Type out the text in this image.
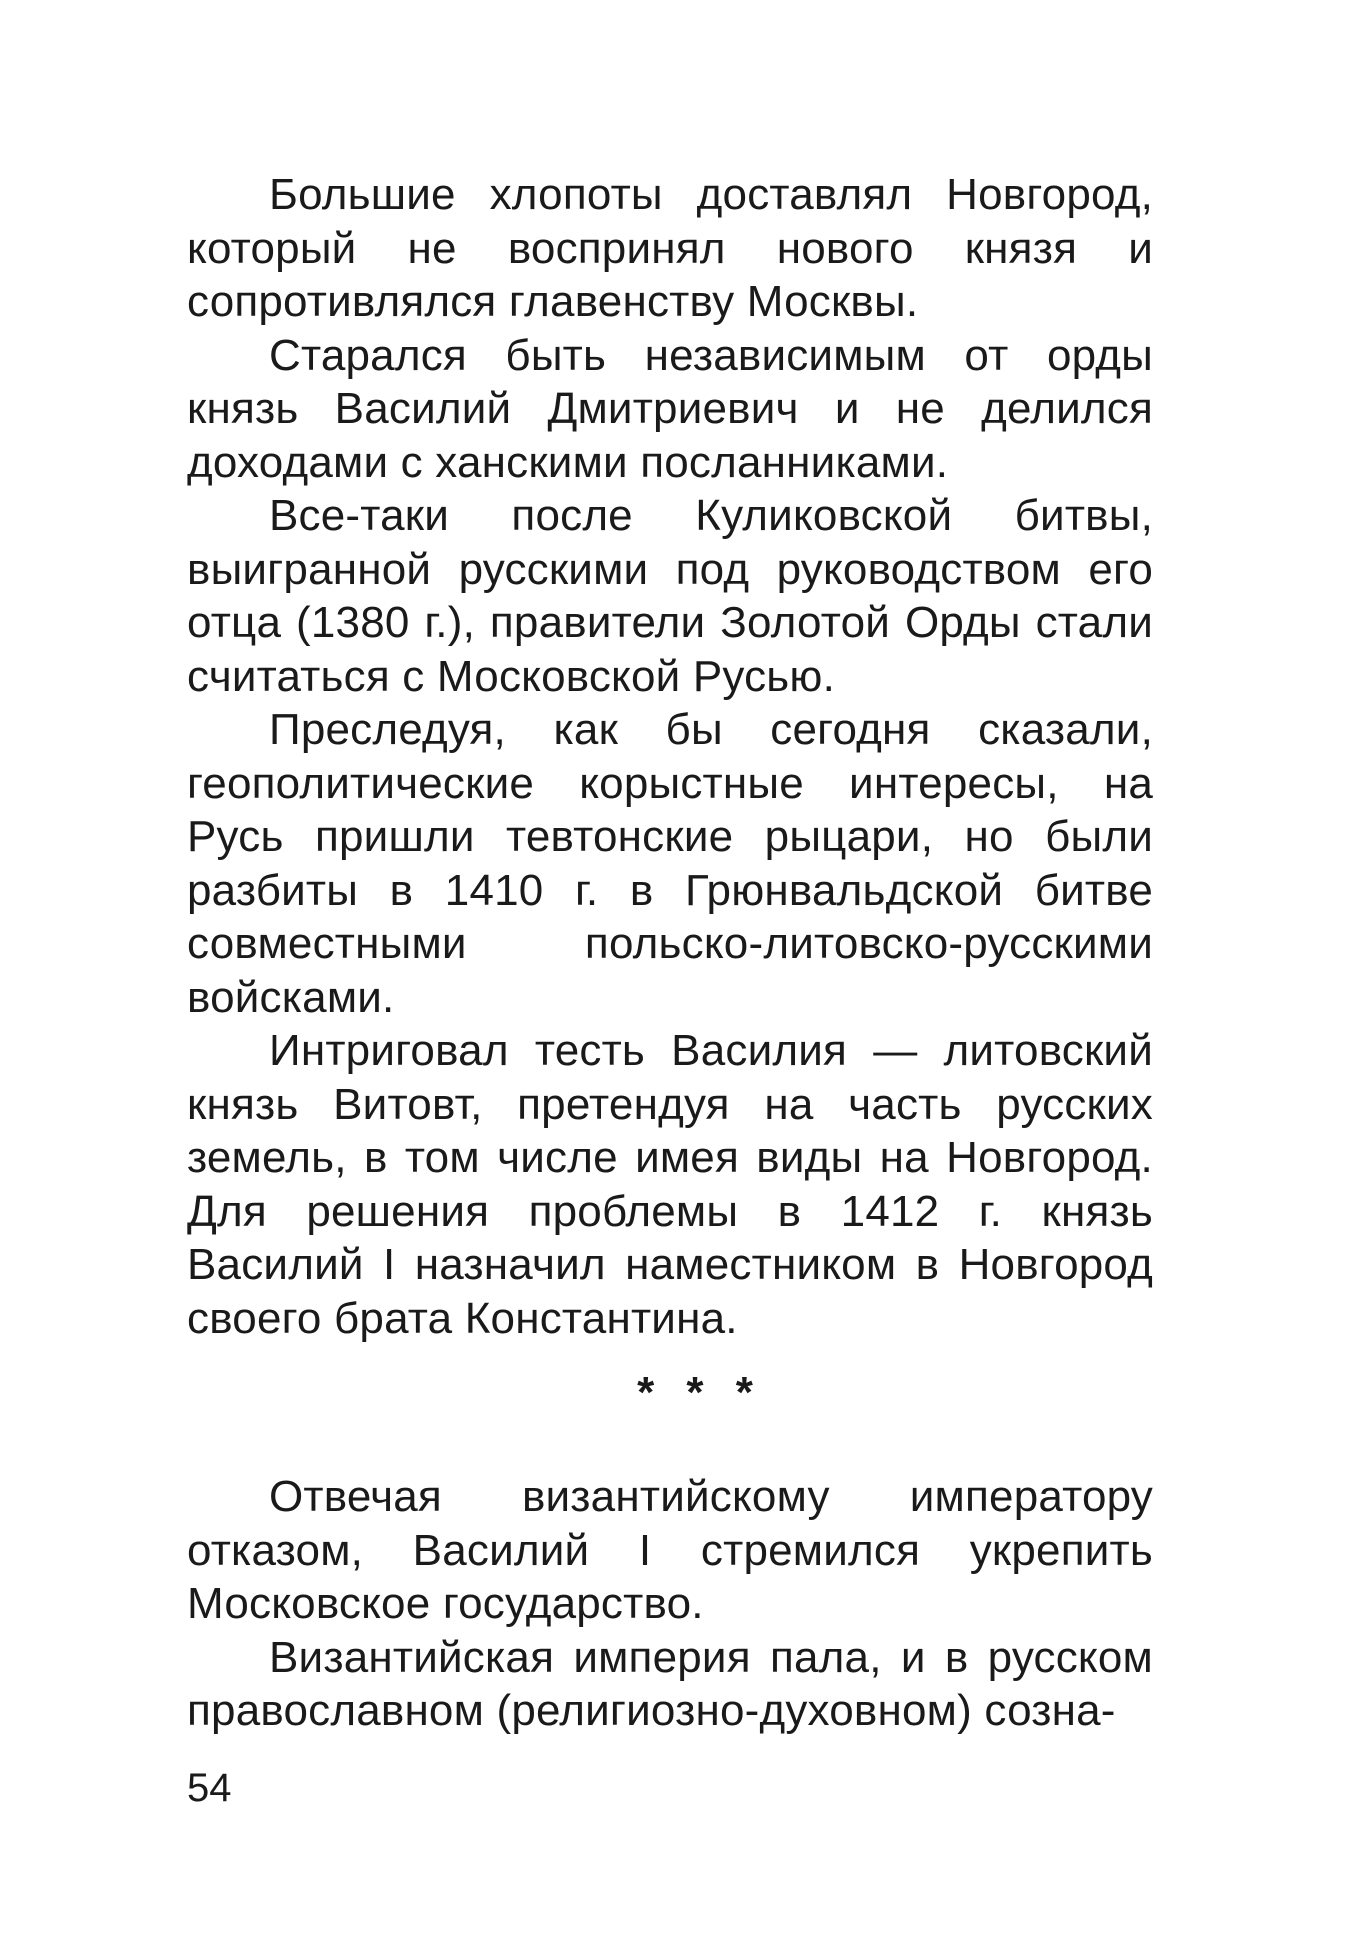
Большие хлопоты доставлял Новгород, который не воспринял нового князя и сопротивлялся главенству Москвы.

Старался быть независимым от орды князь Василий Дмитриевич и не делился доходами с ханскими посланниками.

Все-таки после Куликовской битвы, выигранной русскими под руководством его отца (1380 г.), правители Золотой Орды стали считаться с Московской Русью.

Преследуя, как бы сегодня сказали, геополитические корыстные интересы, на Русь пришли тевтонские рыцари, но были разбиты в 1410 г. в Грюнвальдской битве совместными польско-литовско-русскими войсками.

Интриговал тесть Василия — литовский князь Витовт, претендуя на часть русских земель, в том числе имея виды на Новгород. Для решения проблемы в 1412 г. князь Василий I назначил наместником в Новгород своего брата Константина.

* * *

Отвечая византийскому императору отказом, Василий I стремился укрепить Московское государство.

Византийская империя пала, и в русском православном (религиозно-духовном) созна-

54
